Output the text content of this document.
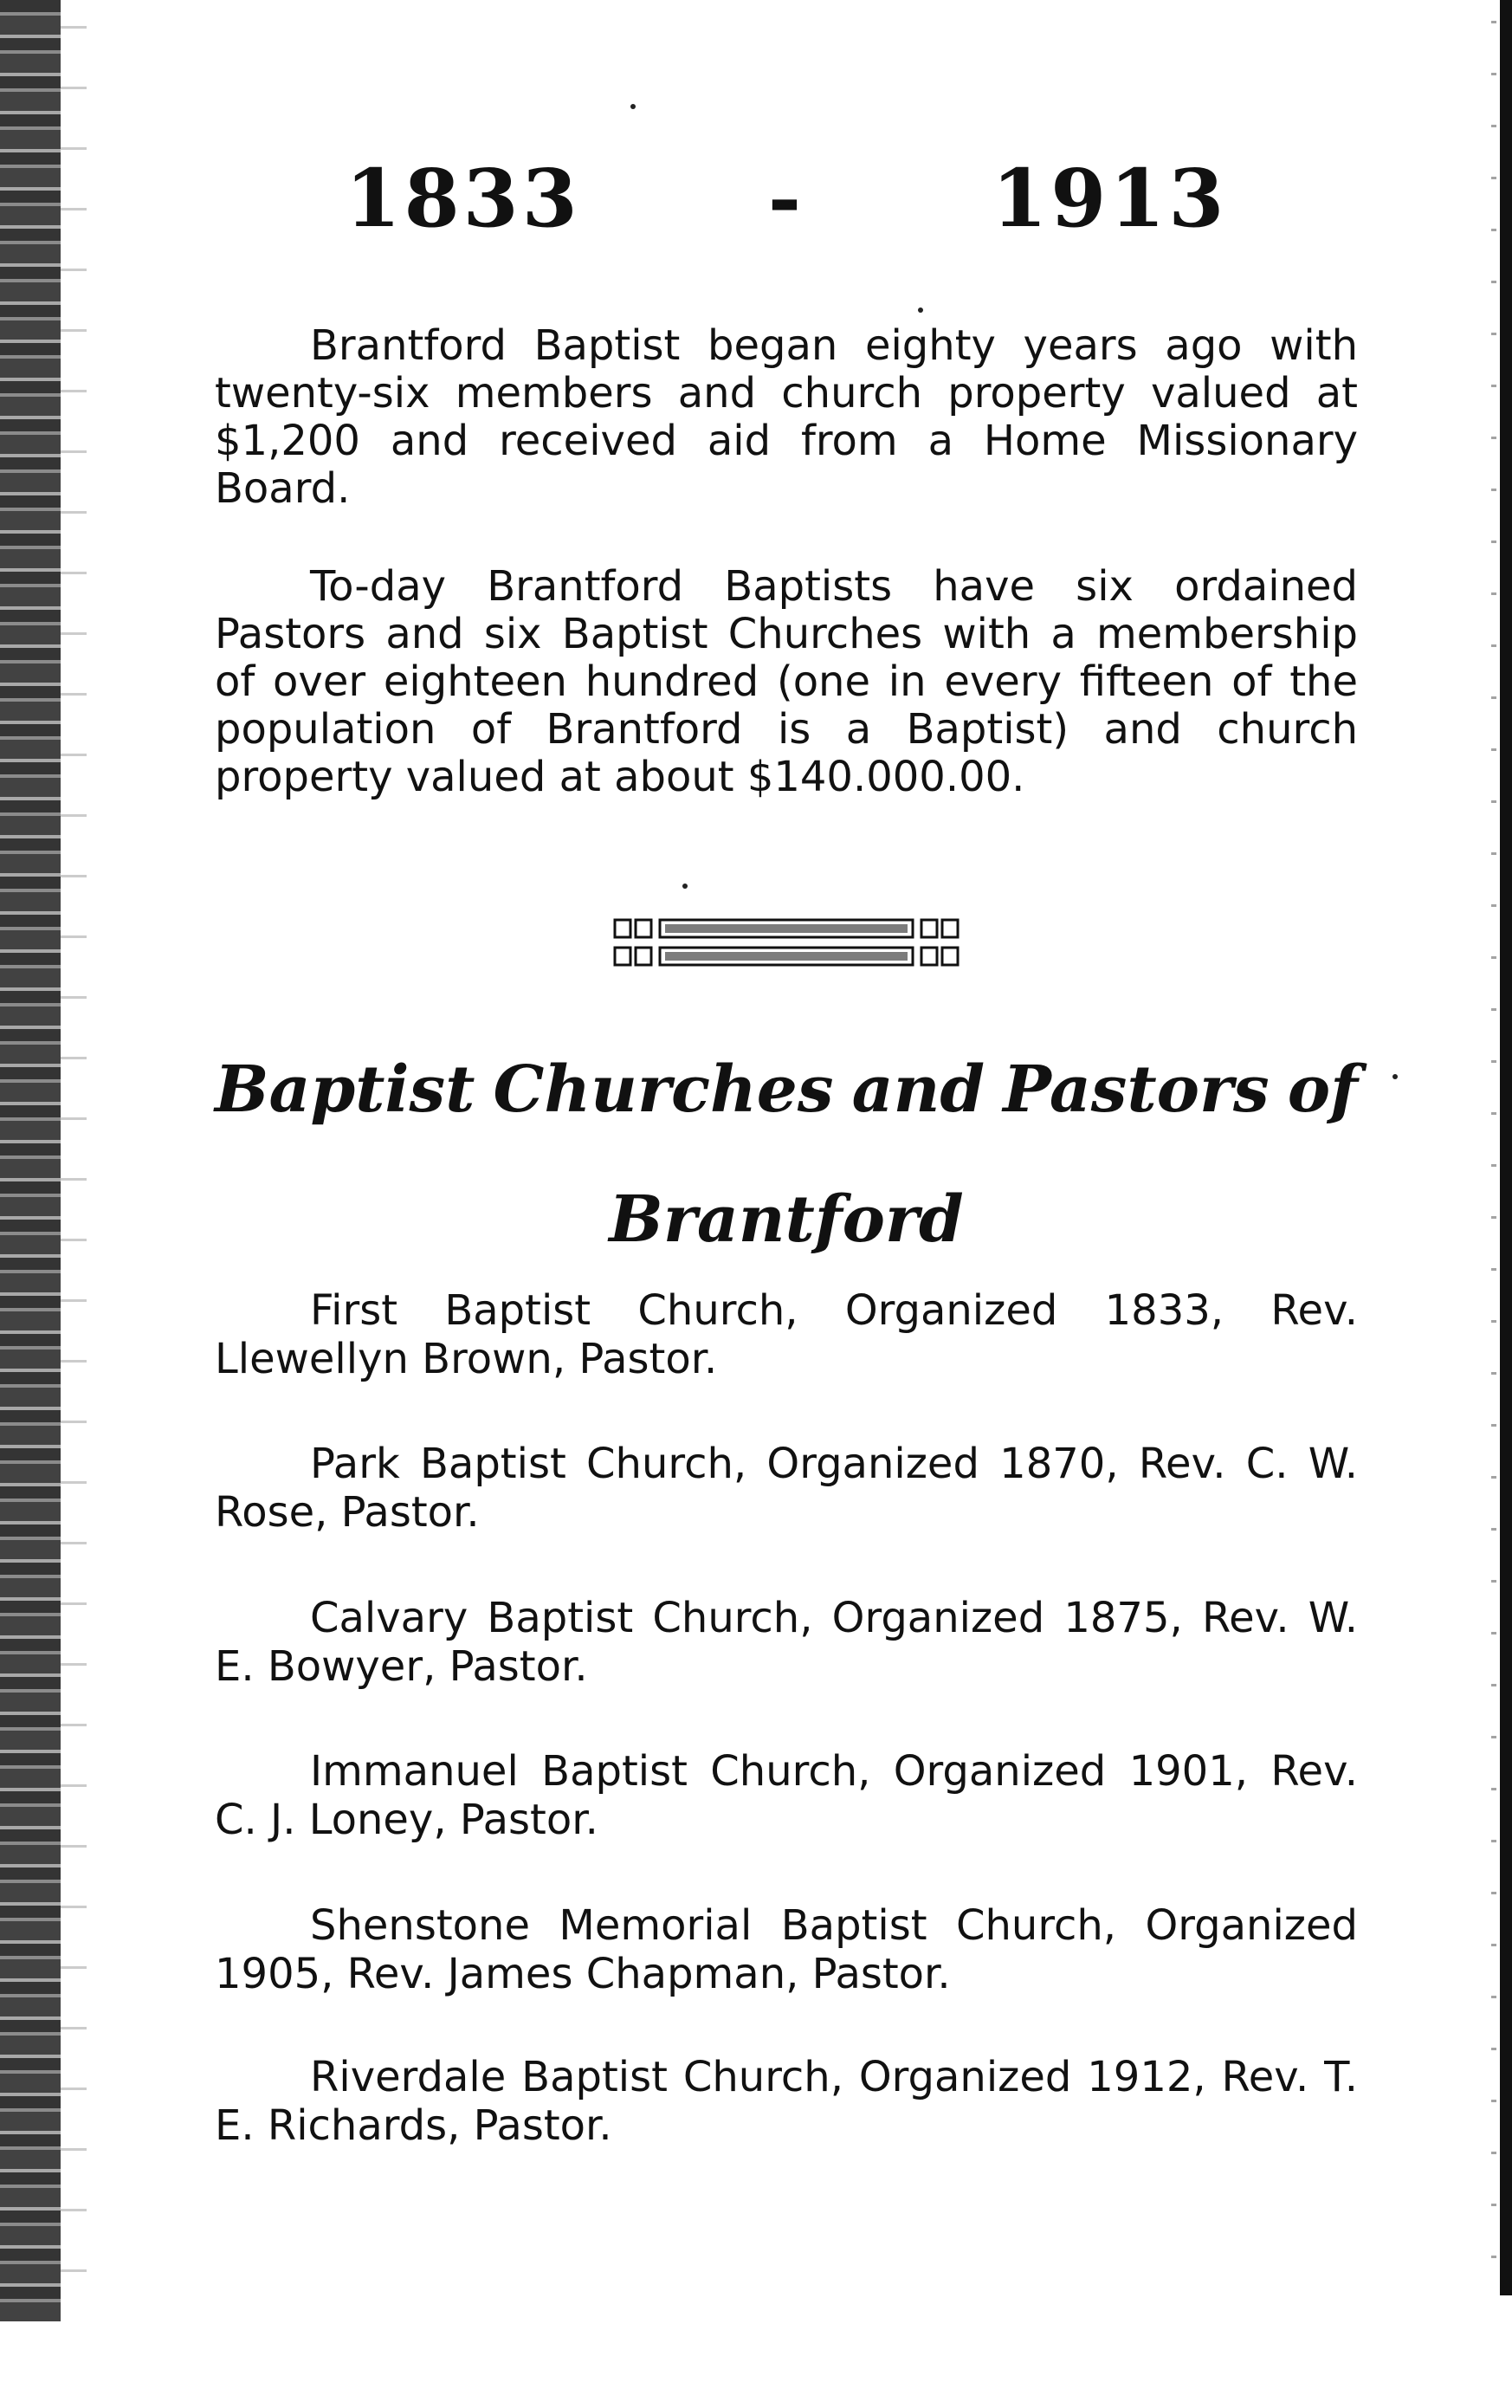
1833 - 1913

Brantford Baptist began eighty years ago with twenty-six members and church property valued at $1,200 and received aid from a Home Missionary Board.

To-day Brantford Baptists have six ordained Pastors and six Baptist Churches with a membership of over eighteen hundred (one in every fifteen of the population of Brantford is a Baptist) and church property valued at about $140.000.00.

Baptist Churches and Pastors of
Brantford

First Baptist Church, Organized 1833, Rev. Llewellyn Brown, Pastor.

Park Baptist Church, Organized 1870, Rev. C. W. Rose, Pastor.

Calvary Baptist Church, Organized 1875, Rev. W. E. Bowyer, Pastor.

Immanuel Baptist Church, Organized 1901, Rev. C. J. Loney, Pastor.

Shenstone Memorial Baptist Church, Organized 1905, Rev. James Chapman, Pastor.

Riverdale Baptist Church, Organized 1912, Rev. T. E. Richards, Pastor.
